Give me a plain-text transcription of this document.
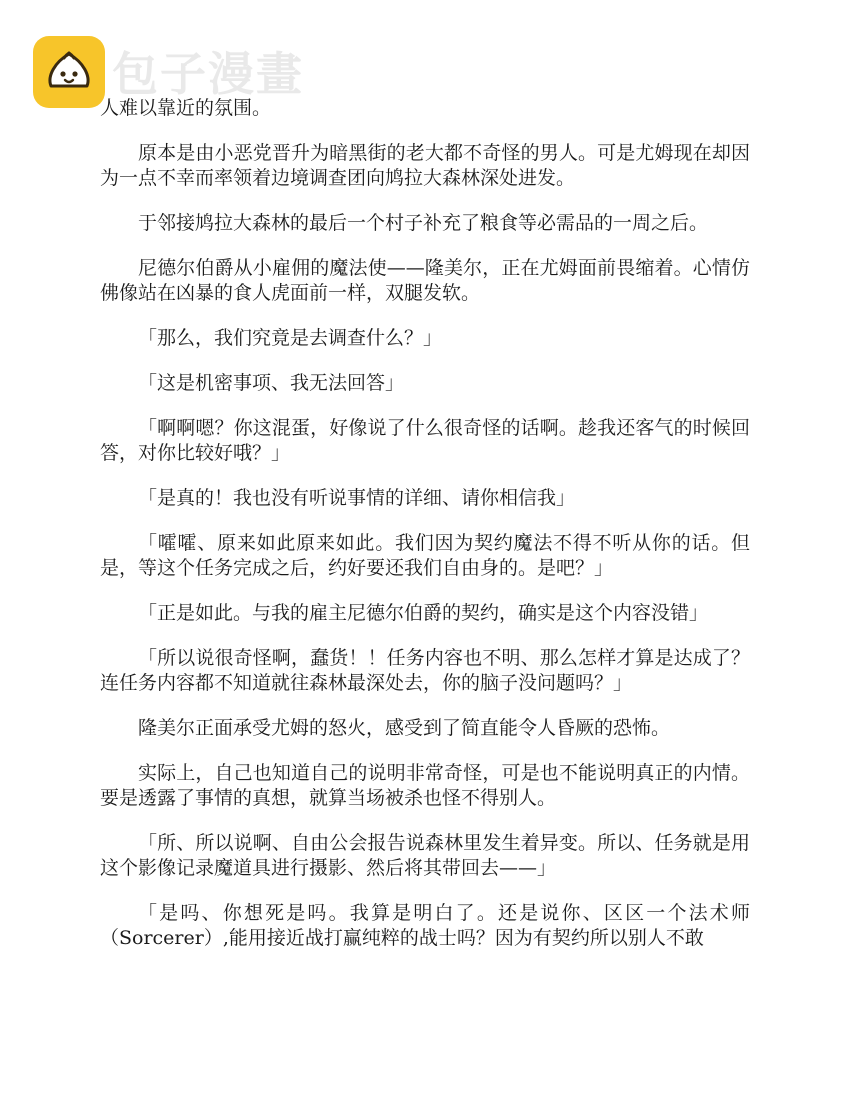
包子漫畫

人难以靠近的氛围。

原本是由小恶党晋升为暗黑街的老大都不奇怪的男人。可是尤姆现在却因为一点不幸而率领着边境调查团向鸠拉大森林深处进发。

于邻接鸠拉大森林的最后一个村子补充了粮食等必需品的一周之后。

尼德尔伯爵从小雇佣的魔法使——隆美尔，正在尤姆面前畏缩着。心情仿佛像站在凶暴的食人虎面前一样，双腿发软。

「那么，我们究竟是去调查什么？」

「这是机密事项、我无法回答」

「啊啊嗯？你这混蛋，好像说了什么很奇怪的话啊。趁我还客气的时候回答，对你比较好哦？」

「是真的！我也没有听说事情的详细、请你相信我」

「嚯嚯、原来如此原来如此。我们因为契约魔法不得不听从你的话。但是，等这个任务完成之后，约好要还我们自由身的。是吧？」

「正是如此。与我的雇主尼德尔伯爵的契约，确实是这个内容没错」

「所以说很奇怪啊，蠢货！！任务内容也不明、那么怎样才算是达成了？连任务内容都不知道就往森林最深处去，你的脑子没问题吗？」

隆美尔正面承受尤姆的怒火，感受到了简直能令人昏厥的恐怖。

实际上，自己也知道自己的说明非常奇怪，可是也不能说明真正的内情。要是透露了事情的真想，就算当场被杀也怪不得别人。

「所、所以说啊、自由公会报告说森林里发生着异变。所以、任务就是用这个影像记录魔道具进行摄影、然后将其带回去——」

「是吗、你想死是吗。我算是明白了。还是说你、区区一个法术师（Sorcerer）,能用接近战打赢纯粹的战士吗？因为有契约所以别人不敢
